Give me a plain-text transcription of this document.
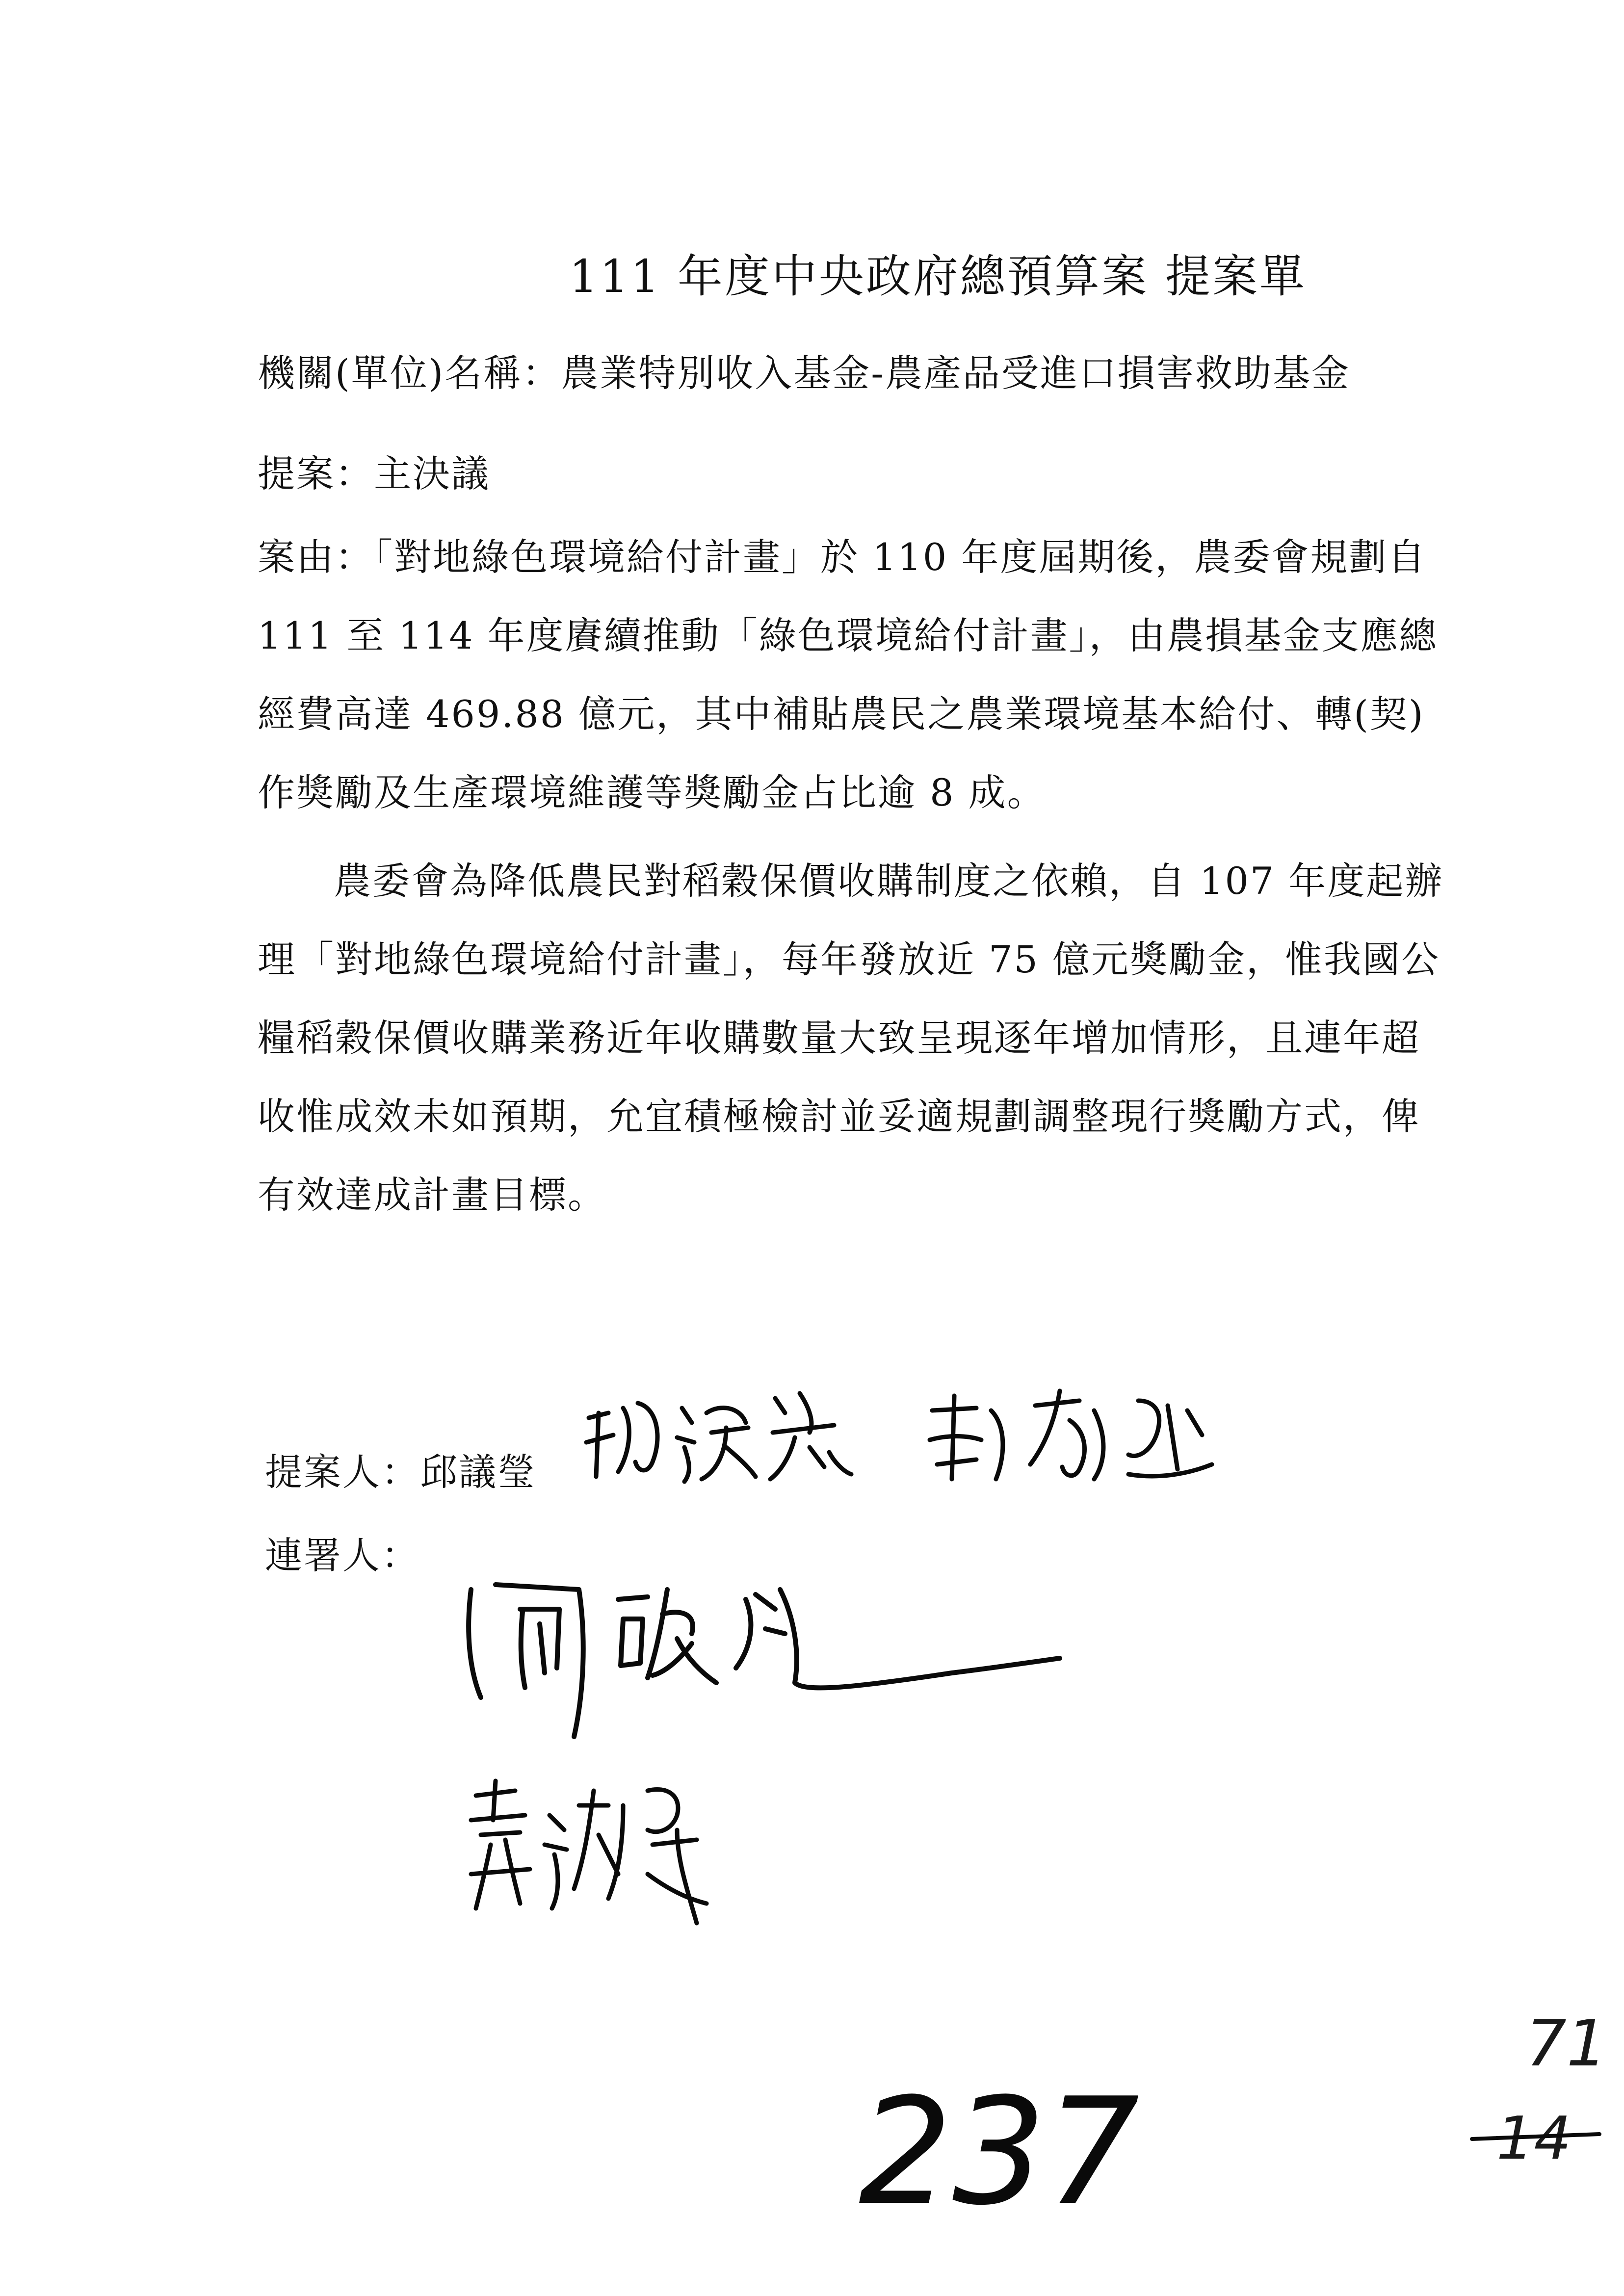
111 年度中央政府總預算案 提案單
機關(單位)名稱：農業特別收入基金-農產品受進口損害救助基金
提案：主決議
案由：「對地綠色環境給付計畫」於 110 年度屆期後，農委會規劃自
111 至 114 年度賡續推動「綠色環境給付計畫」，由農損基金支應總
經費高達 469.88 億元，其中補貼農民之農業環境基本給付、轉(契)
作獎勵及生產環境維護等獎勵金占比逾 8 成。
農委會為降低農民對稻穀保價收購制度之依賴，自 107 年度起辦
理「對地綠色環境給付計畫」，每年發放近 75 億元獎勵金，惟我國公
糧稻穀保價收購業務近年收購數量大致呈現逐年增加情形，且連年超
收惟成效未如預期，允宜積極檢討並妥適規劃調整現行獎勵方式，俾
有效達成計畫目標。
提案人：邱議瑩
連署人：
237
71
14
